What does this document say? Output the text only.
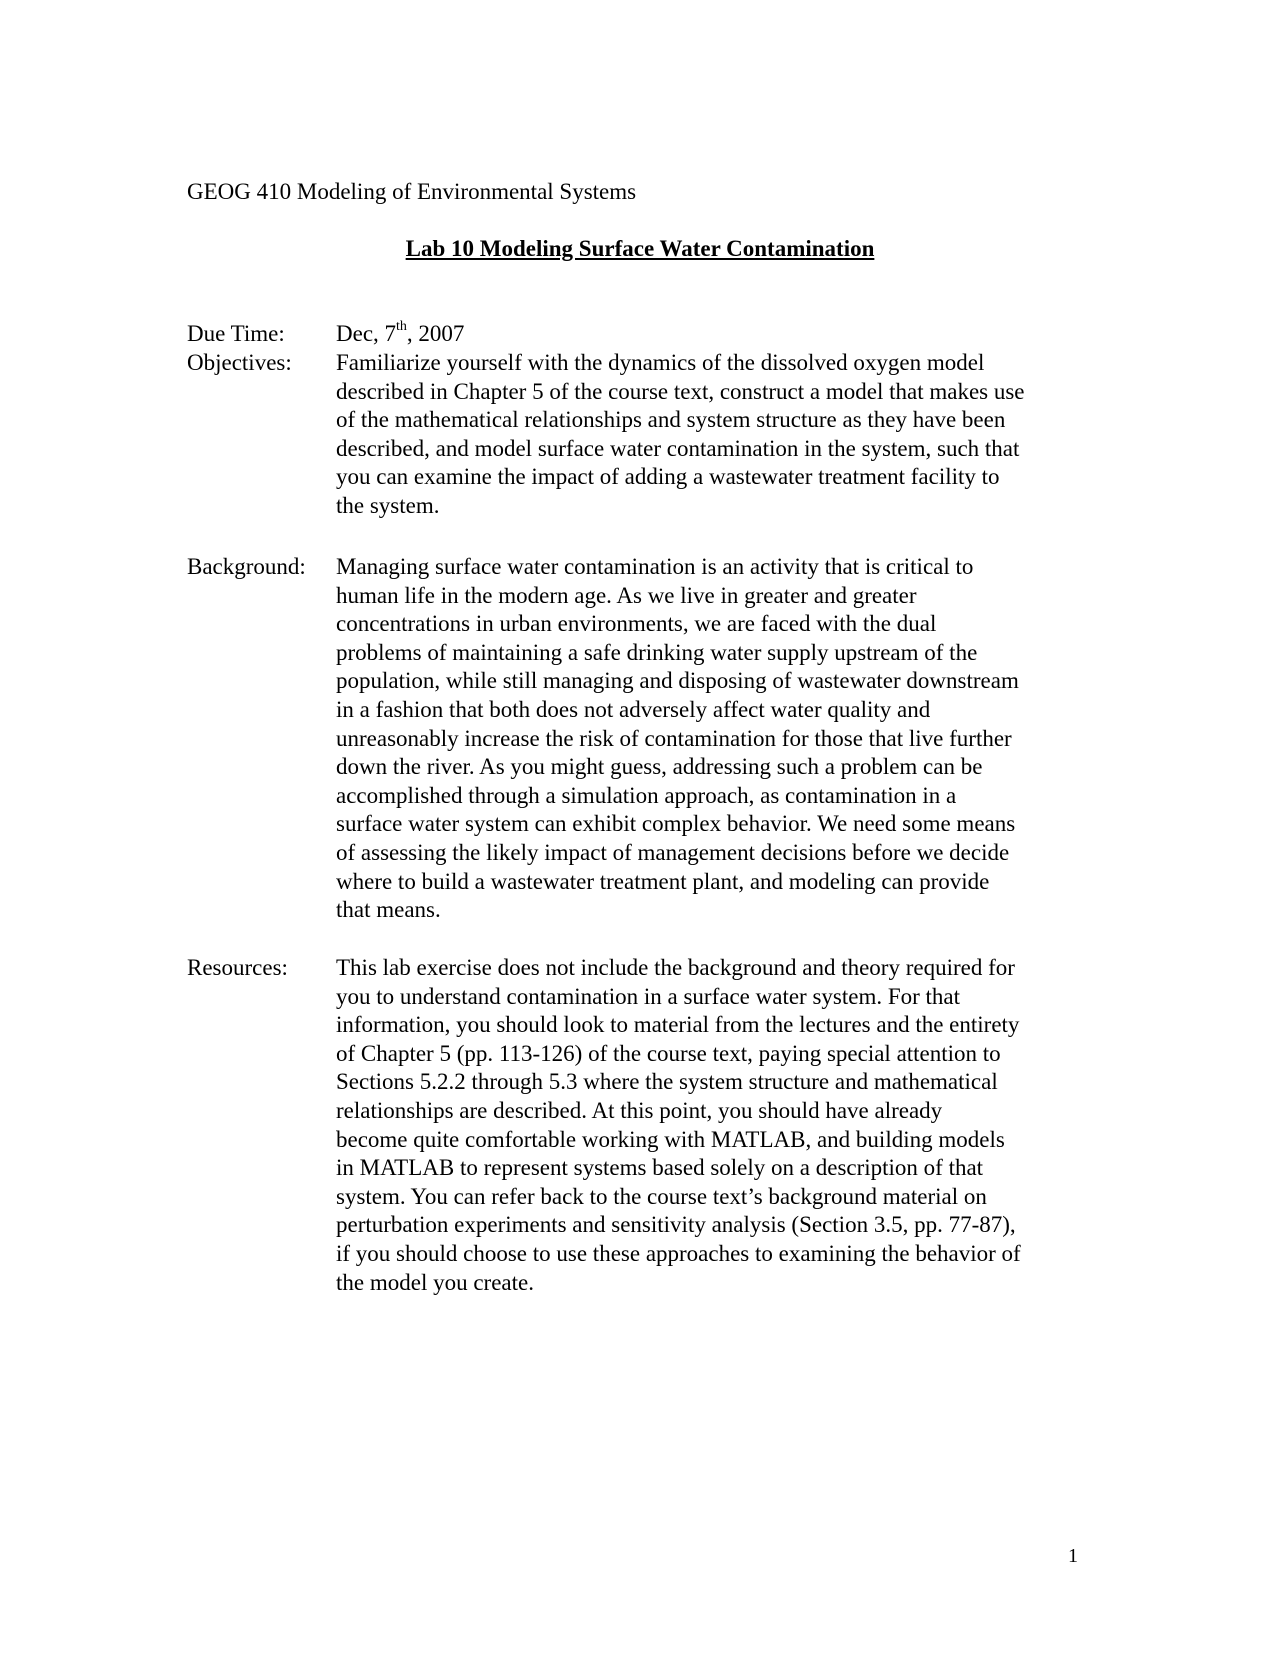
GEOG 410 Modeling of Environmental Systems
Lab 10 Modeling Surface Water Contamination
Due Time: Dec, 7th, 2007
Objectives: Familiarize yourself with the dynamics of the dissolved oxygen model
described in Chapter 5 of the course text, construct a model that makes use
of the mathematical relationships and system structure as they have been
described, and model surface water contamination in the system, such that
you can examine the impact of adding a wastewater treatment facility to
the system.
Background: Managing surface water contamination is an activity that is critical to
human life in the modern age. As we live in greater and greater
concentrations in urban environments, we are faced with the dual
problems of maintaining a safe drinking water supply upstream of the
population, while still managing and disposing of wastewater downstream
in a fashion that both does not adversely affect water quality and
unreasonably increase the risk of contamination for those that live further
down the river. As you might guess, addressing such a problem can be
accomplished through a simulation approach, as contamination in a
surface water system can exhibit complex behavior. We need some means
of assessing the likely impact of management decisions before we decide
where to build a wastewater treatment plant, and modeling can provide
that means.
Resources: This lab exercise does not include the background and theory required for
you to understand contamination in a surface water system. For that
information, you should look to material from the lectures and the entirety
of Chapter 5 (pp. 113-126) of the course text, paying special attention to
Sections 5.2.2 through 5.3 where the system structure and mathematical
relationships are described. At this point, you should have already
become quite comfortable working with MATLAB, and building models
in MATLAB to represent systems based solely on a description of that
system. You can refer back to the course text’s background material on
perturbation experiments and sensitivity analysis (Section 3.5, pp. 77-87),
if you should choose to use these approaches to examining the behavior of
the model you create.
1
